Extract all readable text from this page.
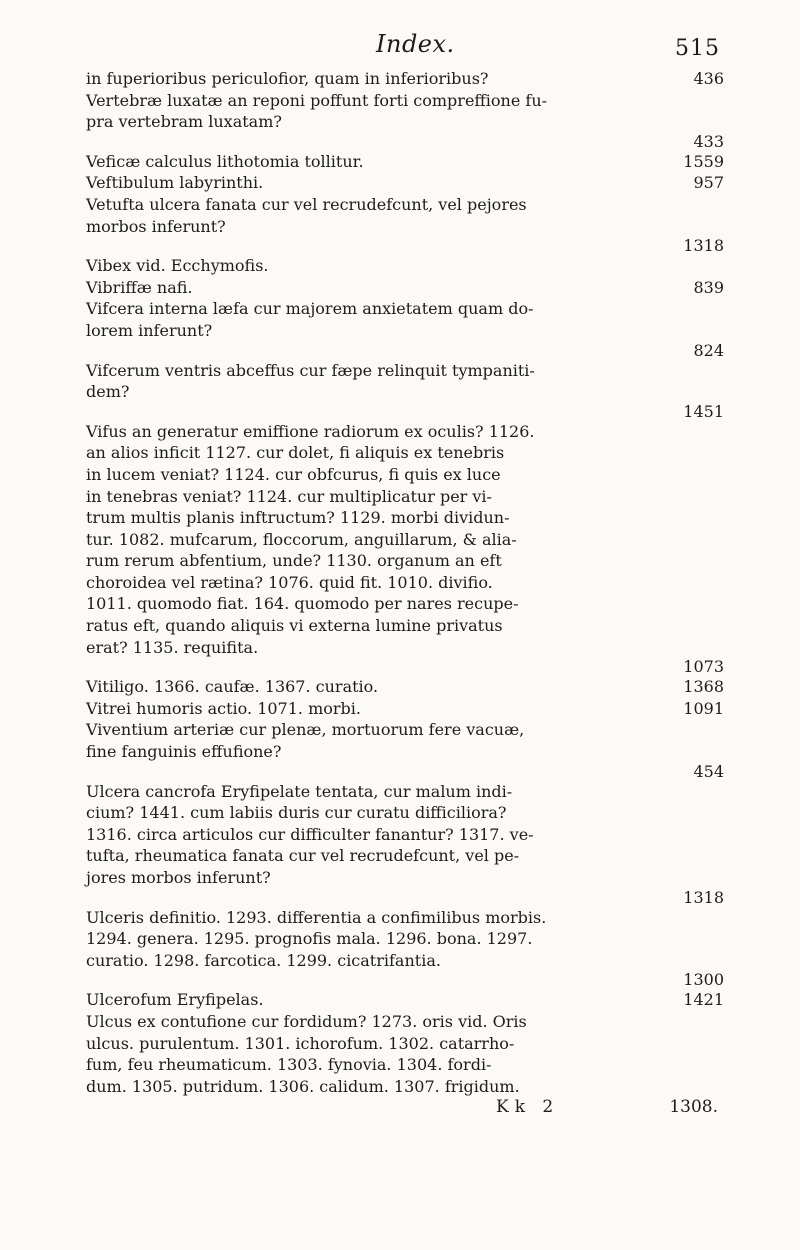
Index.	515
436
in fuperioribus periculofior, quam in inferioribus?
Vertebræ luxatæ an reponi poffunt forti compreffione fu-
pra vertebram luxatam?
433
1559
Veficæ calculus lithotomia tollitur.
957
Veftibulum labyrinthi.
Vetufta ulcera fanata cur vel recrudefcunt, vel pejores
morbos inferunt?
1318
Vibex vid. Ecchymofis.
839
Vibriffæ nafi.
Vifcera interna læfa cur majorem anxietatem quam do-
lorem inferunt?
824
Vifcerum ventris abceffus cur fæpe relinquit tympaniti-
dem?
1451
Vifus an generatur emiffione radiorum ex oculis? 1126.
an alios inficit 1127. cur dolet, fi aliquis ex tenebris
in lucem veniat? 1124. cur obfcurus, fi quis ex luce
in tenebras veniat? 1124. cur multiplicatur per vi-
trum multis planis inftructum? 1129. morbi dividun-
tur. 1082. mufcarum, floccorum, anguillarum, & alia-
rum rerum abfentium, unde? 1130. organum an eft
choroidea vel rætina? 1076. quid fit. 1010. divifio.
1011. quomodo fiat. 164. quomodo per nares recupe-
ratus eft, quando aliquis vi externa lumine privatus
erat? 1135. requifita.
1073
1368
Vitiligo. 1366. caufæ. 1367. curatio.
1091
Vitrei humoris actio. 1071. morbi.
Viventium arteriæ cur plenæ, mortuorum fere vacuæ,
fine fanguinis effufione?
454
Ulcera cancrofa Eryfipelate tentata, cur malum indi-
cium? 1441. cum labiis duris cur curatu difficiliora?
1316. circa articulos cur difficulter fanantur? 1317. ve-
tufta, rheumatica fanata cur vel recrudefcunt, vel pe-
jores morbos inferunt?
1318
Ulceris definitio. 1293. differentia a confimilibus morbis.
1294. genera. 1295. prognofis mala. 1296. bona. 1297.
curatio. 1298. farcotica. 1299. cicatrifantia.
1300
1421
Ulcerofum Eryfipelas.
Ulcus ex contufione cur fordidum? 1273. oris vid. Oris
ulcus. purulentum. 1301. ichorofum. 1302. catarrho-
fum, feu rheumaticum. 1303. fynovia. 1304. fordi-
dum. 1305. putridum. 1306. calidum. 1307. frigidum.
Kk 2	1308.
